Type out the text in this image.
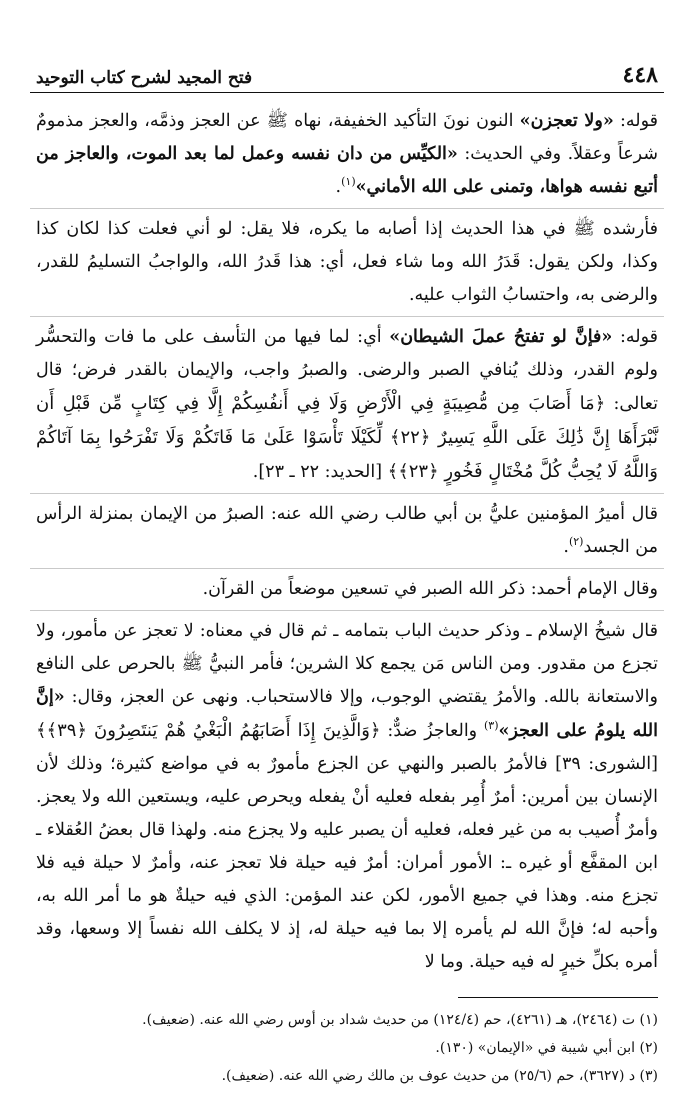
٤٤٨
فتح المجيد لشرح كتاب التوحيد

قوله: «ولا تعجزن» النون نونَ التأكيد الخفيفة، نهاه ﷺ عن العجز وذمَّه، والعجز مذمومٌ شرعاً وعقلاً. وفي الحديث: «الكيِّس من دان نفسه وعمل لما بعد الموت، والعاجز من أتبع نفسه هواها، وتمنى على الله الأماني»$^{(١)}$.

فأرشده ﷺ في هذا الحديث إذا أصابه ما يكره، فلا يقل: لو أني فعلت كذا لكان كذا وكذا، ولكن يقول: قَدَرُ الله وما شاء فعل، أي: هذا قَدرُ الله، والواجبُ التسليمُ للقدر، والرضى به، واحتسابُ الثواب عليه.

قوله: «فإنَّ لو تفتحُ عملَ الشيطان» أي: لما فيها من التأسف على ما فات والتحسُّر ولوم القدر، وذلك يُنافي الصبر والرضى. والصبرُ واجب، والإيمان بالقدر فرض؛ قال تعالى: ﴿مَا أَصَابَ مِن مُّصِيبَةٍ فِي الْأَرْضِ وَلَا فِي أَنفُسِكُمْ إِلَّا فِي كِتَابٍ مِّن قَبْلِ أَن نَّبْرَأَهَا إِنَّ ذَٰلِكَ عَلَى اللَّهِ يَسِيرٌ ﴿٢٢﴾ لِّكَيْلَا تَأْسَوْا عَلَىٰ مَا فَاتَكُمْ وَلَا تَفْرَحُوا بِمَا آتَاكُمْ وَاللَّهُ لَا يُحِبُّ كُلَّ مُخْتَالٍ فَخُورٍ ﴿٢٣﴾﴾ [الحديد: ٢٢ ـ ٢٣].

قال أميرُ المؤمنين عليُّ بن أبي طالب رضي الله عنه: الصبرُ من الإيمان بمنزلة الرأس من الجسد$^{(٢)}$.

وقال الإمام أحمد: ذكر الله الصبر في تسعين موضعاً من القرآن.

قال شيخُ الإسلام ـ وذكر حديث الباب بتمامه ـ ثم قال في معناه: لا تعجز عن مأمور، ولا تجزع من مقدور. ومن الناس مَن يجمع كلا الشرين؛ فأمر النبيُّ ﷺ بالحرص على النافع والاستعانة بالله. والأمرُ يقتضي الوجوب، وإلا فالاستحباب. ونهى عن العجز، وقال: «إنَّ الله يلومُ على العجز»$^{(٣)}$ والعاجزُ ضدٌّ: ﴿وَالَّذِينَ إِذَا أَصَابَهُمُ الْبَغْيُ هُمْ يَنتَصِرُونَ ﴿٣٩﴾﴾ [الشورى: ٣٩] فالأمرُ بالصبر والنهي عن الجزع مأمورٌ به في مواضع كثيرة؛ وذلك لأن الإنسان بين أمرين: أمرٌ أُمِر بفعله فعليه أنْ يفعله ويحرص عليه، ويستعين الله ولا يعجز. وأمرٌ أُصيب به من غير فعله، فعليه أن يصبر عليه ولا يجزع منه. ولهذا قال بعضُ العُقلاء ـ ابن المقفَّع أو غيره ـ: الأمور أمران: أمرٌ فيه حيلة فلا تعجز عنه، وأمرٌ لا حيلة فيه فلا تجزع منه. وهذا في جميع الأمور، لكن عند المؤمن: الذي فيه حيلةٌ هو ما أمر الله به، وأحبه له؛ فإنَّ الله لم يأمره إلا بما فيه حيلة له، إذ لا يكلف الله نفساً إلا وسعها، وقد أمره بكلِّ خيرٍ له فيه حيلة. وما لا

(١) ت (٢٤٦٤)، هـ (٤٢٦١)، حم (١٢٤/٤) من حديث شداد بن أوس رضي الله عنه. (ضعيف).

(٢) ابن أبي شيبة في «الإيمان» (١٣٠).

(٣) د (٣٦٢٧)، حم (٢٥/٦) من حديث عوف بن مالك رضي الله عنه. (ضعيف).
